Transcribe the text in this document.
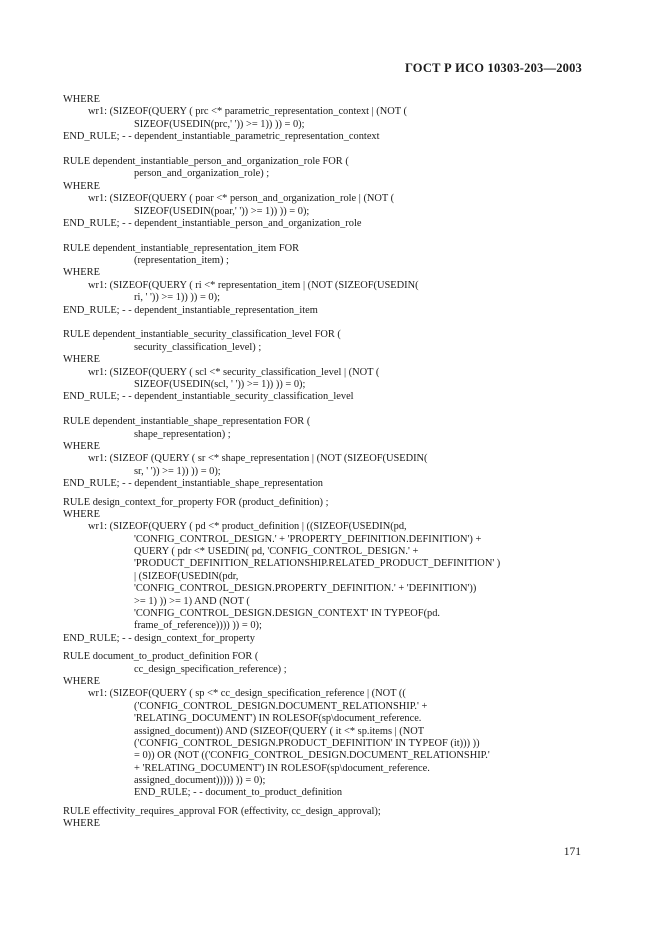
ГОСТ Р ИСО 10303-203—2003
WHERE
wr1: (SIZEOF(QUERY ( prc <* parametric_representation_context | (NOT (
SIZEOF(USEDIN(prc,' ')) >= 1)) )) = 0);
END_RULE; - - dependent_instantiable_parametric_representation_context
RULE dependent_instantiable_person_and_organization_role FOR (
person_and_organization_role) ;
WHERE
wr1: (SIZEOF(QUERY ( poar <* person_and_organization_role | (NOT (
SIZEOF(USEDIN(poar,' ')) >= 1)) )) = 0);
END_RULE; - - dependent_instantiable_person_and_organization_role
RULE dependent_instantiable_representation_item FOR
(representation_item) ;
WHERE
wr1: (SIZEOF(QUERY ( ri <* representation_item | (NOT (SIZEOF(USEDIN(
ri, ' ')) >= 1)) )) = 0);
END_RULE; - - dependent_instantiable_representation_item
RULE dependent_instantiable_security_classification_level FOR (
security_classification_level) ;
WHERE
wr1: (SIZEOF(QUERY ( scl <* security_classification_level | (NOT (
SIZEOF(USEDIN(scl, ' ')) >= 1)) )) = 0);
END_RULE; - - dependent_instantiable_security_classification_level
RULE dependent_instantiable_shape_representation FOR (
shape_representation) ;
WHERE
wr1: (SIZEOF (QUERY ( sr <* shape_representation | (NOT (SIZEOF(USEDIN(
sr, ' ')) >= 1)) )) = 0);
END_RULE; - - dependent_instantiable_shape_representation
RULE design_context_for_property FOR (product_definition) ;
WHERE
wr1: (SIZEOF(QUERY ( pd <* product_definition | ((SIZEOF(USEDIN(pd,
'CONFIG_CONTROL_DESIGN.' + 'PROPERTY_DEFINITION.DEFINITION') +
QUERY ( pdr <* USEDIN( pd, 'CONFIG_CONTROL_DESIGN.' +
'PRODUCT_DEFINITION_RELATIONSHIP.RELATED_PRODUCT_DEFINITION' )
| (SIZEOF(USEDIN(pdr,
'CONFIG_CONTROL_DESIGN.PROPERTY_DEFINITION.' + 'DEFINITION'))
>= 1) )) >= 1) AND (NOT (
'CONFIG_CONTROL_DESIGN.DESIGN_CONTEXT' IN TYPEOF(pd.
frame_of_reference)))) )) = 0);
END_RULE; - - design_context_for_property
RULE document_to_product_definition FOR (
cc_design_specification_reference) ;
WHERE
wr1: (SIZEOF(QUERY ( sp <* cc_design_specification_reference | (NOT ((
('CONFIG_CONTROL_DESIGN.DOCUMENT_RELATIONSHIP.' +
'RELATING_DOCUMENT') IN ROLESOF(sp\document_reference.
assigned_document)) AND (SIZEOF(QUERY ( it <* sp.items | (NOT
('CONFIG_CONTROL_DESIGN.PRODUCT_DEFINITION' IN TYPEOF (it))) ))
= 0)) OR (NOT (('CONFIG_CONTROL_DESIGN.DOCUMENT_RELATIONSHIP.'
+ 'RELATING_DOCUMENT') IN ROLESOF(sp\document_reference.
assigned_document))))) )) = 0);
END_RULE; - - document_to_product_definition
RULE effectivity_requires_approval FOR (effectivity, cc_design_approval);
WHERE
171
